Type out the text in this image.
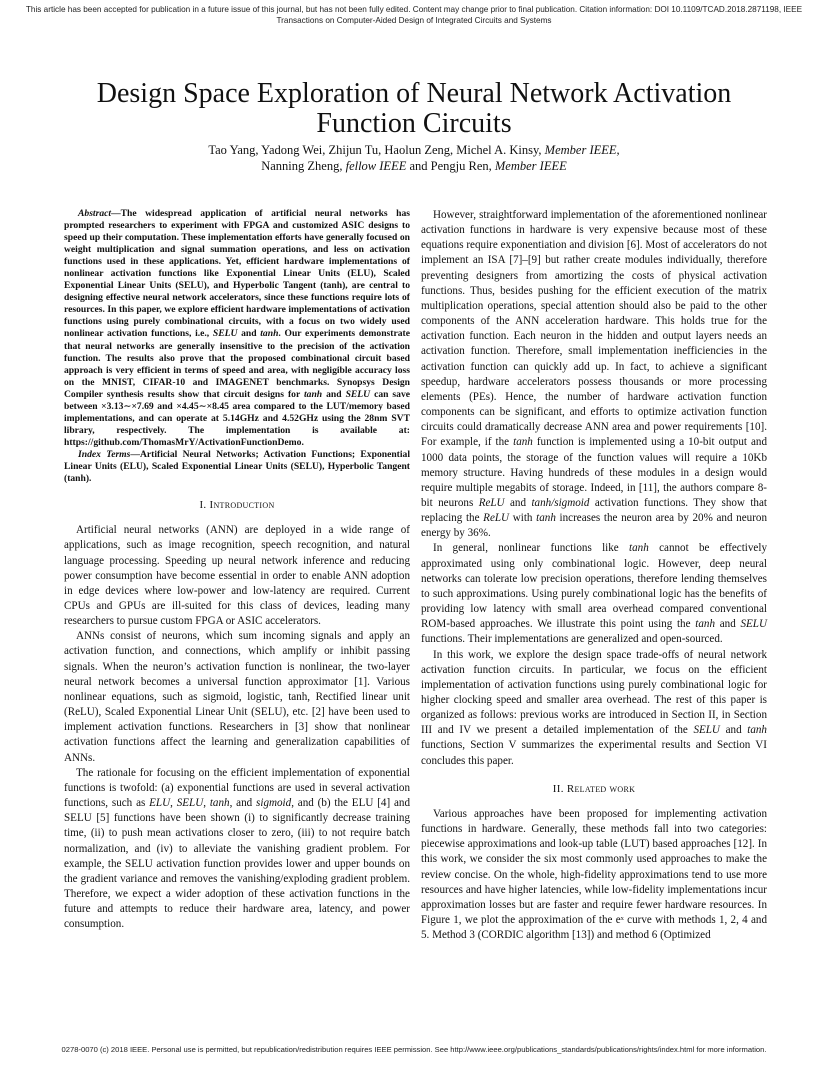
This article has been accepted for publication in a future issue of this journal, but has not been fully edited. Content may change prior to final publication. Citation information: DOI 10.1109/TCAD.2018.2871198, IEEE
Transactions on Computer-Aided Design of Integrated Circuits and Systems
Design Space Exploration of Neural Network Activation
Function Circuits
Tao Yang, Yadong Wei, Zhijun Tu, Haolun Zeng, Michel A. Kinsy, Member IEEE,
Nanning Zheng, fellow IEEE and Pengju Ren, Member IEEE

Abstract—The widespread application of artificial neural networks has prompted researchers to experiment with FPGA and customized ASIC designs to speed up their computation. These implementation efforts have generally focused on weight multiplication and signal summation operations, and less on activation functions used in these applications. Yet, efficient hardware implementations of nonlinear activation functions like Exponential Linear Units (ELU), Scaled Exponential Linear Units (SELU), and Hyperbolic Tangent (tanh), are central to designing effective neural network accelerators, since these functions require lots of resources. In this paper, we explore efficient hardware implementations of activation functions using purely combinational circuits, with a focus on two widely used nonlinear activation functions, i.e., SELU and tanh. Our experiments demonstrate that neural networks are generally insensitive to the precision of the activation function. The results also prove that the proposed combinational circuit based approach is very efficient in terms of speed and area, with negligible accuracy loss on the MNIST, CIFAR-10 and IMAGENET benchmarks. Synopsys Design Compiler synthesis results show that circuit designs for tanh and SELU can save between ×3.13∼×7.69 and ×4.45∼×8.45 area compared to the LUT/memory based implementations, and can operate at 5.14GHz and 4.52GHz using the 28nm SVT library, respectively. The implementation is available at: https://github.com/ThomasMrY/ActivationFunctionDemo.

Index Terms—Artificial Neural Networks; Activation Functions; Exponential Linear Units (ELU), Scaled Exponential Linear Units (SELU), Hyperbolic Tangent (tanh).

I. Introduction

Artificial neural networks (ANN) are deployed in a wide range of applications, such as image recognition, speech recognition, and natural language processing. Speeding up neural network inference and reducing power consumption have become essential in order to enable ANN adoption in edge devices where low-power and low-latency are required. Current CPUs and GPUs are ill-suited for this class of devices, leading many researchers to pursue custom FPGA or ASIC accelerators.

ANNs consist of neurons, which sum incoming signals and apply an activation function, and connections, which amplify or inhibit passing signals. When the neuron’s activation function is nonlinear, the two-layer neural network becomes a universal function approximator [1]. Various nonlinear equations, such as sigmoid, logistic, tanh, Rectified linear unit (ReLU), Scaled Exponential Linear Unit (SELU), etc. [2] have been used to implement activation functions. Researchers in [3] show that nonlinear activation functions affect the learning and generalization capabilities of ANNs.

The rationale for focusing on the efficient implementation of exponential functions is twofold: (a) exponential functions are used in several activation functions, such as ELU, SELU, tanh, and sigmoid, and (b) the ELU [4] and SELU [5] functions have been shown (i) to significantly decrease training time, (ii) to push mean activations closer to zero, (iii) to not require batch normalization, and (iv) to alleviate the vanishing gradient problem. For example, the SELU activation function provides lower and upper bounds on the gradient variance and removes the vanishing/exploding gradient problem. Therefore, we expect a wider adoption of these activation functions in the future and attempts to reduce their hardware area, latency, and power consumption.

However, straightforward implementation of the aforementioned nonlinear activation functions in hardware is very expensive because most of these equations require exponentiation and division [6]. Most of accelerators do not implement an ISA [7]–[9] but rather create modules individually, therefore preventing designers from amortizing the costs of physical activation functions. Thus, besides pushing for the efficient execution of the matrix multiplication operations, special attention should also be paid to the other components of the ANN acceleration hardware. This holds true for the activation function. Each neuron in the hidden and output layers needs an activation function. Therefore, small implementation inefficiencies in the activation function can quickly add up. In fact, to achieve a significant speedup, hardware accelerators possess thousands or more processing elements (PEs). Hence, the number of hardware activation function components can be significant, and efforts to optimize activation function circuits could dramatically decrease ANN area and power requirements [10]. For example, if the tanh function is implemented using a 10-bit output and 1000 data points, the storage of the function values will require a 10Kb memory structure. Having hundreds of these modules in a design would require multiple megabits of storage. Indeed, in [11], the authors compare 8-bit neurons ReLU and tanh/sigmoid activation functions. They show that replacing the ReLU with tanh increases the neuron area by 20% and neuron energy by 36%.

In general, nonlinear functions like tanh cannot be effectively approximated using only combinational logic. However, deep neural networks can tolerate low precision operations, therefore lending themselves to such approximations. Using purely combinational logic has the benefits of providing low latency with small area overhead compared conventional ROM-based approaches. We illustrate this point using the tanh and SELU functions. Their implementations are generalized and open-sourced.

In this work, we explore the design space trade-offs of neural network activation function circuits. In particular, we focus on the efficient implementation of activation functions using purely combinational logic for higher clocking speed and smaller area overhead. The rest of this paper is organized as follows: previous works are introduced in Section II, in Section III and IV we present a detailed implementation of the SELU and tanh functions, Section V summarizes the experimental results and Section VI concludes this paper.

II. Related work

Various approaches have been proposed for implementing activation functions in hardware. Generally, these methods fall into two categories: piecewise approximations and look-up table (LUT) based approaches [12]. In this work, we consider the six most commonly used approaches to make the review concise. On the whole, high-fidelity approximations tend to use more resources and have higher latencies, while low-fidelity implementations incur approximation losses but are faster and require fewer hardware resources. In Figure 1, we plot the approximation of the eˣ curve with methods 1, 2, 4 and 5. Method 3 (CORDIC algorithm [13]) and method 6 (Optimized

0278-0070 (c) 2018 IEEE. Personal use is permitted, but republication/redistribution requires IEEE permission. See http://www.ieee.org/publications_standards/publications/rights/index.html for more information.
